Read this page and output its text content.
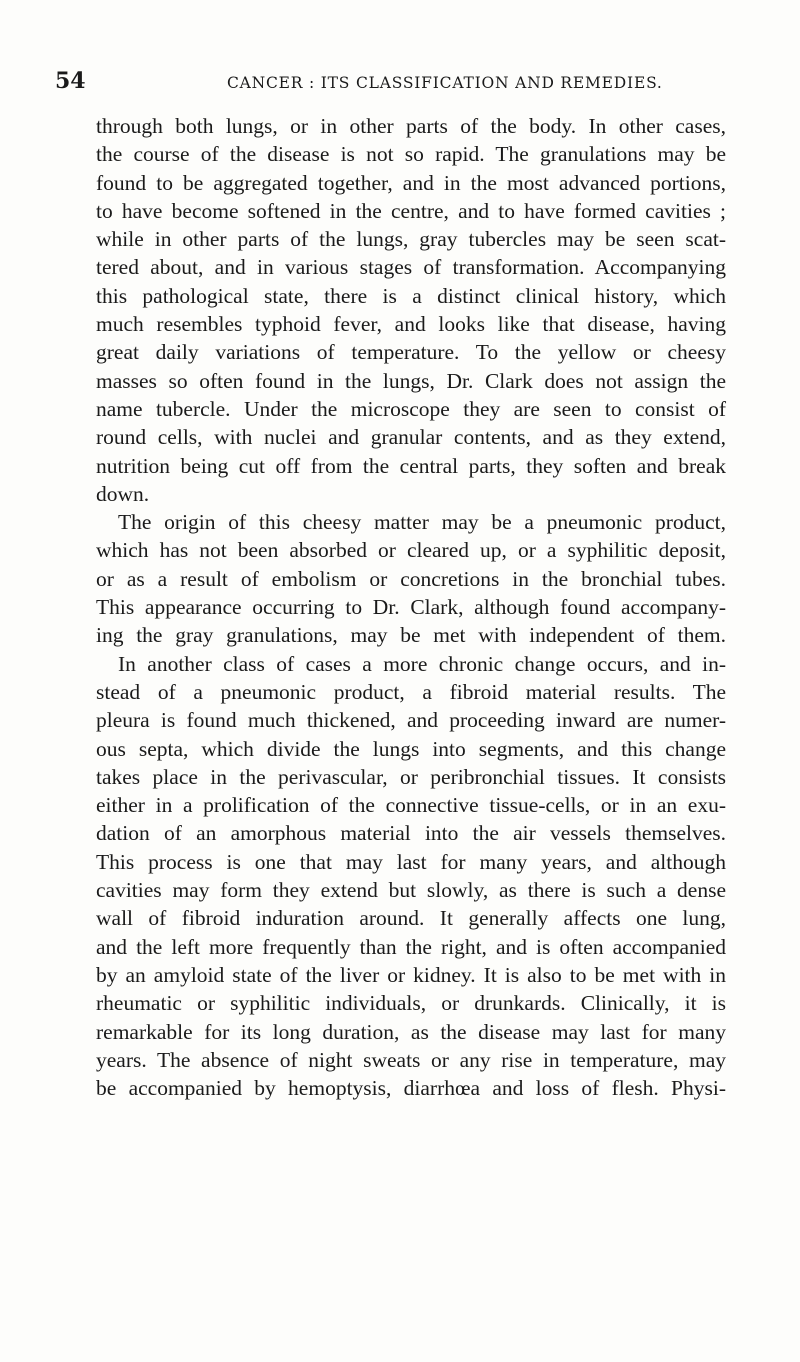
54	CANCER : ITS CLASSIFICATION AND REMEDIES.
through both lungs, or in other parts of the body. In other cases,
the course of the disease is not so rapid. The granulations may be
found to be aggregated together, and in the most advanced portions,
to have become softened in the centre, and to have formed cavities ;
while in other parts of the lungs, gray tubercles may be seen scat-
tered about, and in various stages of transformation. Accompanying
this pathological state, there is a distinct clinical history, which
much resembles typhoid fever, and looks like that disease, having
great daily variations of temperature. To the yellow or cheesy
masses so often found in the lungs, Dr. Clark does not assign the
name tubercle. Under the microscope they are seen to consist of
round cells, with nuclei and granular contents, and as they extend,
nutrition being cut off from the central parts, they soften and break
down.
The origin of this cheesy matter may be a pneumonic product,
which has not been absorbed or cleared up, or a syphilitic deposit,
or as a result of embolism or concretions in the bronchial tubes.
This appearance occurring to Dr. Clark, although found accompany-
ing the gray granulations, may be met with independent of them.
In another class of cases a more chronic change occurs, and in-
stead of a pneumonic product, a fibroid material results. The
pleura is found much thickened, and proceeding inward are numer-
ous septa, which divide the lungs into segments, and this change
takes place in the perivascular, or peribronchial tissues. It consists
either in a prolification of the connective tissue-cells, or in an exu-
dation of an amorphous material into the air vessels themselves.
This process is one that may last for many years, and although
cavities may form they extend but slowly, as there is such a dense
wall of fibroid induration around. It generally affects one lung,
and the left more frequently than the right, and is often accompanied
by an amyloid state of the liver or kidney. It is also to be met with in
rheumatic or syphilitic individuals, or drunkards. Clinically, it is
remarkable for its long duration, as the disease may last for many
years. The absence of night sweats or any rise in temperature, may
be accompanied by hemoptysis, diarrhœa and loss of flesh. Physi-
